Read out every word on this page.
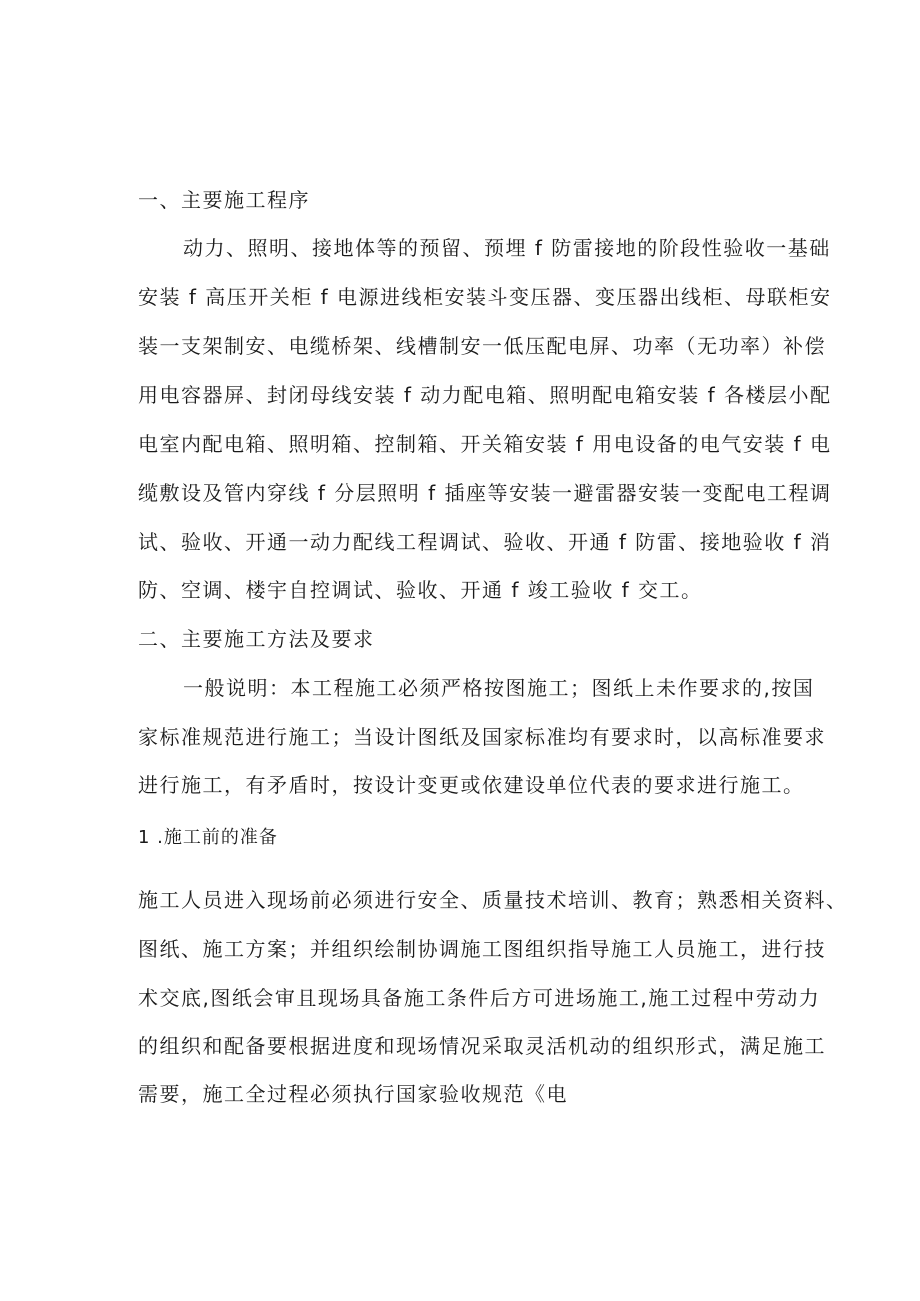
一、主要施工程序
动力、照明、接地体等的预留、预埋 f 防雷接地的阶段性验收一基础
安装 f 高压开关柜 f 电源进线柜安装斗变压器、变压器出线柜、母联柜安
装一支架制安、电缆桥架、线槽制安一低压配电屏、功率（无功率）补偿
用电容器屏、封闭母线安装 f 动力配电箱、照明配电箱安装 f 各楼层小配
电室内配电箱、照明箱、控制箱、开关箱安装 f 用电设备的电气安装 f 电
缆敷设及管内穿线 f 分层照明 f 插座等安装一避雷器安装一变配电工程调
试、验收、开通一动力配线工程调试、验收、开通 f 防雷、接地验收 f 消
防、空调、楼宇自控调试、验收、开通 f 竣工验收 f 交工。
二、主要施工方法及要求
一般说明：本工程施工必须严格按图施工；图纸上未作要求的,按国
家标准规范进行施工；当设计图纸及国家标准均有要求时，以高标准要求
进行施工，有矛盾时，按设计变更或依建设单位代表的要求进行施工。
1 .施工前的准备
施工人员进入现场前必须进行安全、质量技术培训、教育；熟悉相关资料、
图纸、施工方案；并组织绘制协调施工图组织指导施工人员施工，进行技
术交底,图纸会审且现场具备施工条件后方可进场施工,施工过程中劳动力
的组织和配备要根据进度和现场情况采取灵活机动的组织形式，满足施工
需要，施工全过程必须执行国家验收规范《电
